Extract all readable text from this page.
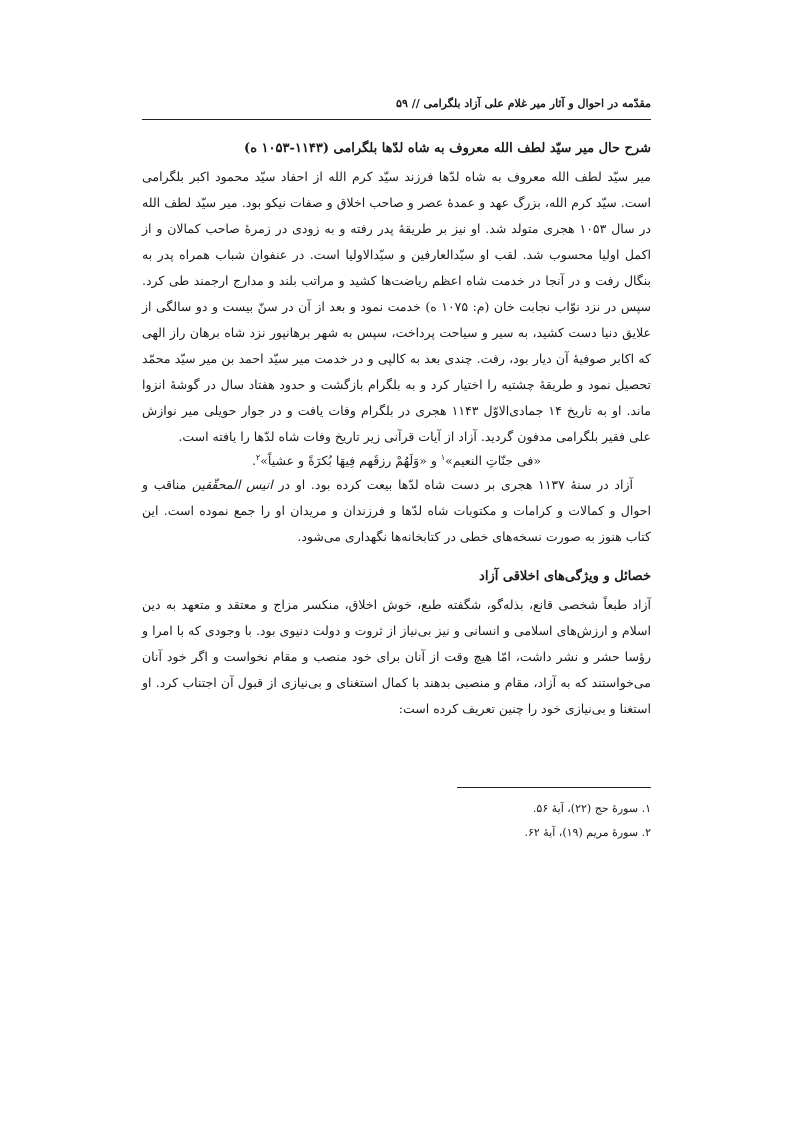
مقدّمه در احوال و آثار میر غلام علی آزاد بلگرامی // ۵۹
شرح حال میر سیّد لطف الله معروف به شاه لدّها بلگرامی (۱۱۴۳-۱۰۵۳ ه)

میر سیّد لطف الله معروف به شاه لدّها فرزند سیّد کرم الله از احفاد سیّد محمود اکبر بلگرامی است. سیّد کرم الله، بزرگ عهد و عمدهٔ عصر و صاحب اخلاق و صفات نیکو بود. میر سیّد لطف الله در سال ۱۰۵۳ هجری متولد شد. او نیز بر طریقهٔ پدر رفته و به زودی در زمرهٔ صاحب کمالان و از اکمل اولیا محسوب شد. لقب او سیّدالعارفین و سیّدالاولیا است. در عنفوان شباب همراه پدر به بنگال رفت و در آنجا در خدمت شاه اعظم ریاضت‌ها کشید و مراتب بلند و مدارج ارجمند طی کرد. سپس در نزد نوّاب نجابت خان (م: ۱۰۷۵ ه) خدمت نمود و بعد از آن در سنّ بیست و دو سالگی از علایق دنیا دست کشید، به سیر و سیاحت پرداخت، سپس به شهر برهانپور نزد شاه برهان راز الهی که اکابر صوفیهٔ آن دیار بود، رفت. چندی بعد به کالپی و در خدمت میر سیّد احمد بن میر سیّد محمّد تحصیل نمود و طریقهٔ چشتیه را اختیار کرد و به بلگرام بازگشت و حدود هفتاد سال در گوشهٔ انزوا ماند. او به تاریخ ۱۴ جمادی‌الاوّل ۱۱۴۳ هجری در بلگرام وفات یافت و در جوار حویلی میر نوازش علی فقیر بلگرامی مدفون گردید. آزاد از آیات قرآنی زیر تاریخ وفات شاه لدّها را یافته است.

«فی جنّاتِ النعیم»$^۱$ و «وَلَهُمْ رزقَهم فِیهَا بُکرَةً و عشیاً»$^۲$.

آزاد در سنهٔ ۱۱۳۷ هجری بر دست شاه لدّها بیعت کرده بود. او در انیس المحقّقین مناقب و احوال و کمالات و کرامات و مکتوبات شاه لدّها و فرزندان و مریدان او را جمع نموده است. این کتاب هنوز به صورت نسخه‌های خطی در کتابخانه‌ها نگهداری می‌شود.

خصائل و ویژگی‌های اخلاقی آزاد

آزاد طبعاً شخصی قانع، بذله‌گو، شگفته طبع، خوش اخلاق، منکسر مزاج و معتقد و متعهد به دین اسلام و ارزش‌های اسلامی و انسانی و نیز بی‌نیاز از ثروت و دولت دنیوی بود. با وجودی که با امرا و رؤسا حشر و نشر داشت، امّا هیچ وقت از آنان برای خود منصب و مقام نخواست و اگر خود آنان می‌خواستند که به آزاد، مقام و منصبی بدهند با کمال استغنای و بی‌نیازی از قبول آن اجتناب کرد. او استغنا و بی‌نیازی خود را چنین تعریف کرده است:

۱. سورهٔ حج (۲۲)، آیهٔ ۵۶.
۲. سورهٔ مریم (۱۹)، آیهٔ ۶۲.
